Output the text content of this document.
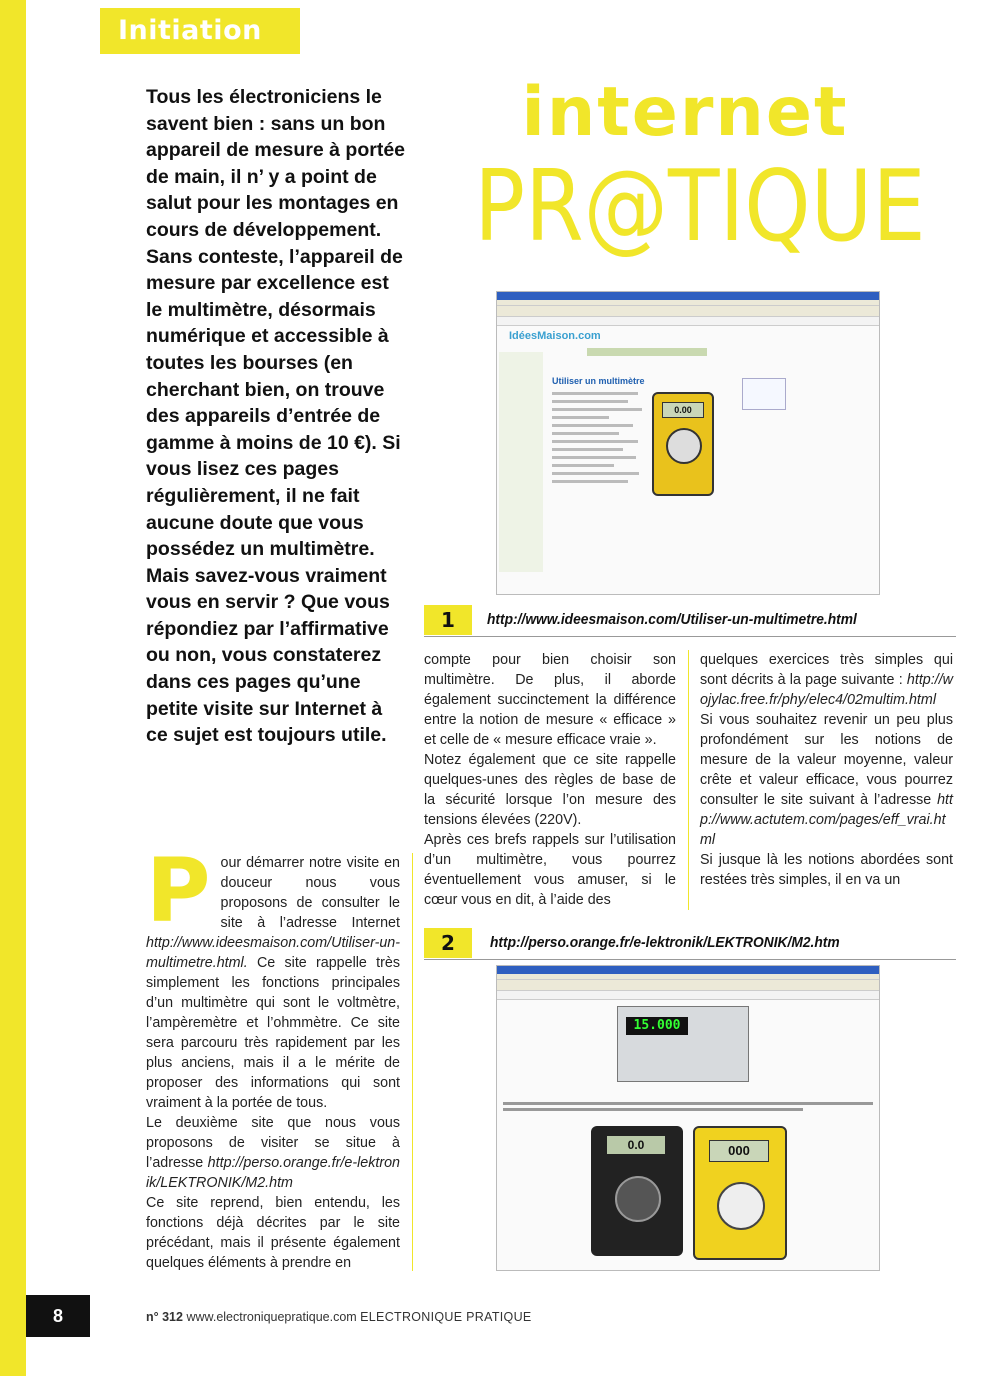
Initiation

Tous les électroniciens le savent bien : sans un bon appareil de mesure à portée de main, il n’ y a point de salut pour les montages en cours de développement. Sans conteste, l’appareil de mesure par excellence est le multimètre, désormais numérique et accessible à toutes les bourses (en cherchant bien, on trouve des appareils d’entrée de gamme à moins de 10 €). Si vous lisez ces pages régulièrement, il ne fait aucune doute que vous possédez un multimètre. Mais savez-vous vraiment vous en servir ? Que vous répondiez par l’affirmative ou non, vous constaterez dans ces pages qu’une petite visite sur Internet à ce sujet est toujours utile.

internet
PR@TIQUE
IdéesMaison.com
Utiliser un multimètre
0.00
1	http://www.ideesmaison.com/Utiliser-un-multimetre.html

P our démarrer notre visite en douceur nous vous proposons de consulter le site à l’adresse Internet http://www.ideesmaison.com/Utiliser-un-multimetre.html. Ce site rappelle très simplement les fonctions principales d’un multimètre qui sont le voltmètre, l’ampèremètre et l’ohmmètre. Ce site sera parcouru très rapidement par les plus anciens, mais il a le mérite de proposer des informations qui sont vraiment à la portée de tous.

Le deuxième site que nous vous proposons de visiter se situe à l’adresse http://perso.orange.fr/e-lektronik/LEKTRONIK/M2.htm

Ce site reprend, bien entendu, les fonctions déjà décrites par le site précédant, mais il présente également quelques éléments à prendre en

compte pour bien choisir son multimètre. De plus, il aborde également succinctement la différence entre la notion de mesure « efficace » et celle de « mesure efficace vraie ».

Notez également que ce site rappelle quelques-unes des règles de base de la sécurité lorsque l’on mesure des tensions élevées (220V).

Après ces brefs rappels sur l’utilisation d’un multimètre, vous pourrez éventuellement vous amuser, si le cœur vous en dit, à l’aide des

quelques exercices très simples qui sont décrits à la page suivante : http://wojylac.free.fr/phy/elec4/02multim.html

Si vous souhaitez revenir un peu plus profondément sur les notions de mesure de la valeur moyenne, valeur crête et valeur efficace, vous pourrez consulter le site suivant à l’adresse http://www.actutem.com/pages/eff_vrai.html

Si jusque là les notions abordées sont restées très simples, il en va un

2	http://perso.orange.fr/e-lektronik/LEKTRONIK/M2.htm
15.000
0.0	000
8	n° 312 www.electroniquepratique.com ELECTRONIQUE PRATIQUE
